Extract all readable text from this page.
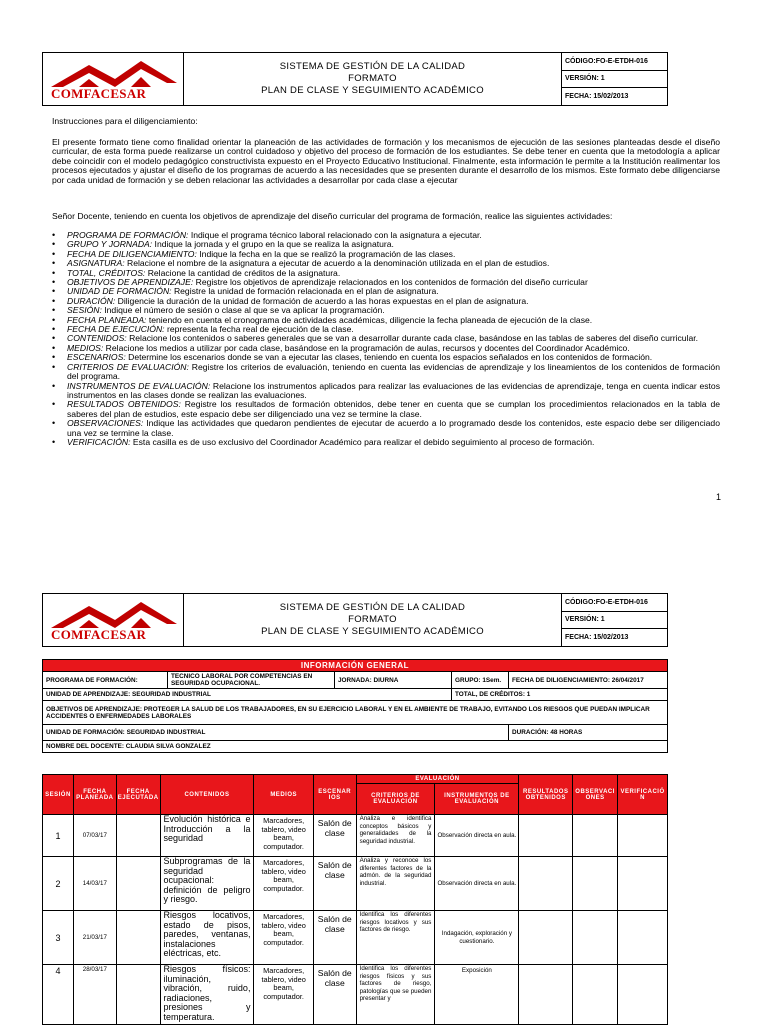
COMFACESAR

SISTEMA DE GESTIÓN DE LA CALIDAD
FORMATO
PLAN DE CLASE Y SEGUIMIENTO ACADÉMICO
	CÓDIGO:FO-E-ETDH-016
VERSIÓN: 1
FECHA: 15/02/2013
Instrucciones para el diligenciamiento:
El presente formato tiene como finalidad orientar la planeación de las actividades de formación y los mecanismos de ejecución de las sesiones planteadas desde el diseño curricular, de esta forma puede realizarse un control cuidadoso y objetivo del proceso de formación de los estudiantes. Se debe tener en cuenta que la metodología a aplicar debe coincidir con el modelo pedagógico constructivista expuesto en el Proyecto Educativo Institucional. Finalmente, esta información le permite a la Institución realimentar los procesos ejecutados y ajustar el diseño de los programas de acuerdo a las necesidades que se presenten durante el desarrollo de los mismos. Este formato debe diligenciarse por cada unidad de formación y se deben relacionar las actividades a desarrollar por cada clase a ejecutar
Señor Docente, teniendo en cuenta los objetivos de aprendizaje del diseño curricular del programa de formación, realice las siguientes actividades:
• PROGRAMA DE FORMACIÓN: Indique el programa técnico laboral relacionado con la asignatura a ejecutar.
• GRUPO Y JORNADA: Indique la jornada y el grupo en la que se realiza la asignatura.
• FECHA DE DILIGENCIAMIENTO: Indique la fecha en la que se realizó la programación de las clases.
• ASIGNATURA: Relacione el nombre de la asignatura a ejecutar de acuerdo a la denominación utilizada en el plan de estudios.
• TOTAL, CRÉDITOS: Relacione la cantidad de créditos de la asignatura.
• OBJETIVOS DE APRENDIZAJE: Registre los objetivos de aprendizaje relacionados en los contenidos de formación del diseño curricular
• UNIDAD DE FORMACIÓN: Registre la unidad de formación relacionada en el plan de asignatura.
• DURACIÓN: Diligencie la duración de la unidad de formación de acuerdo a las horas expuestas en el plan de asignatura.
• SESIÓN: Indique el número de sesión o clase al que se va aplicar la programación.
• FECHA PLANEADA: teniendo en cuenta el cronograma de actividades académicas, diligencie la fecha planeada de ejecución de la clase.
• FECHA DE EJECUCIÓN: representa la fecha real de ejecución de la clase.
• CONTENIDOS: Relacione los contenidos o saberes generales que se van a desarrollar durante cada clase, basándose en las tablas de saberes del diseño curricular.
• MEDIOS: Relacione los medios a utilizar por cada clase, basándose en la programación de aulas, recursos y docentes del Coordinador Académico.
• ESCENARIOS: Determine los escenarios donde se van a ejecutar las clases, teniendo en cuenta los espacios señalados en los contenidos de formación.
• CRITERIOS DE EVALUACIÓN: Registre los criterios de evaluación, teniendo en cuenta las evidencias de aprendizaje y los lineamientos de los contenidos de formación del programa.
• INSTRUMENTOS DE EVALUACIÓN: Relacione los instrumentos aplicados para realizar las evaluaciones de las evidencias de aprendizaje, tenga en cuenta indicar estos instrumentos en las clases donde se realizan las evaluaciones.
• RESULTADOS OBTENIDOS: Registre los resultados de formación obtenidos, debe tener en cuenta que se cumplan los procedimientos relacionados en la tabla de saberes del plan de estudios, este espacio debe ser diligenciado una vez se termine la clase.
• OBSERVACIONES: Indique las actividades que quedaron pendientes de ejecutar de acuerdo a lo programado desde los contenidos, este espacio debe ser diligenciado una vez se termine la clase.
• VERIFICACIÓN: Esta casilla es de uso exclusivo del Coordinador Académico para realizar el debido seguimiento al proceso de formación.
1
COMFACESAR

SISTEMA DE GESTIÓN DE LA CALIDAD
FORMATO
PLAN DE CLASE Y SEGUIMIENTO ACADÉMICO
	CÓDIGO:FO-E-ETDH-016
VERSIÓN: 1
FECHA: 15/02/2013
INFORMACIÓN GENERAL				
PROGRAMA DE FORMACIÓN:	TECNICO LABORAL POR COMPETENCIAS EN SEGURIDAD OCUPACIONAL.	JORNADA: DIURNA	GRUPO: 1Sem.	FECHA DE DILIGENCIAMIENTO: 26/04/2017
UNIDAD DE APRENDIZAJE: SEGURIDAD INDUSTRIAL			TOTAL, DE CRÉDITOS: 1	
OBJETIVOS DE APRENDIZAJE: PROTEGER LA SALUD DE LOS TRABAJADORES, EN SU EJERCICIO LABORAL Y EN EL AMBIENTE DE TRABAJO, EVITANDO LOS RIESGOS QUE PUEDAN IMPLICAR ACCIDENTES O ENFERMEDADES LABORALES				
UNIDAD DE FORMACIÓN: SEGURIDAD INDUSTRIAL				DURACIÓN: 48 HORAS
NOMBRE DEL DOCENTE: CLAUDIA SILVA GONZALEZ				
SESIÓN	FECHA PLANEADA	FECHA EJECUTADA	CONTENIDOS	MEDIOS	ESCENAR IOS	EVALUACIÓN		RESULTADOS OBTENIDOS	OBSERVACI ONES	VERIFICACIÓ N
						CRITERIOS DE EVALUACIÓN	INSTRUMENTOS DE EVALUACIÓN			
1	07/03/17		Evolución histórica e Introducción a la seguridad	Marcadores, tablero, video beam, computador.	Salón de clase	Analiza e identifica conceptos básicos y generalidades de la seguridad industrial.	Observación directa en aula.			
2	14/03/17		Subprogramas de la seguridad ocupacional: definición de peligro y riesgo.	Marcadores, tablero, video beam, computador.	Salón de clase	Analiza y reconoce los diferentes factores de la admón. de la seguridad industrial.	Observación directa en aula.			
3	21/03/17		Riesgos locativos, estado de pisos, paredes, ventanas, instalaciones eléctricas, etc.	Marcadores, tablero, video beam, computador.	Salón de clase	Identifica los diferentes riesgos locativos y sus factores de riesgo.	Indagación, exploración y cuestionario.			
4	28/03/17		Riesgos físicos: iluminación, vibración, ruido, radiaciones, presiones y temperatura.	Marcadores, tablero, video beam, computador.	Salón de clase	Identifica los diferentes riesgos físicos y sus factores de riesgo, patologías que se pueden presentar y	Exposición			
